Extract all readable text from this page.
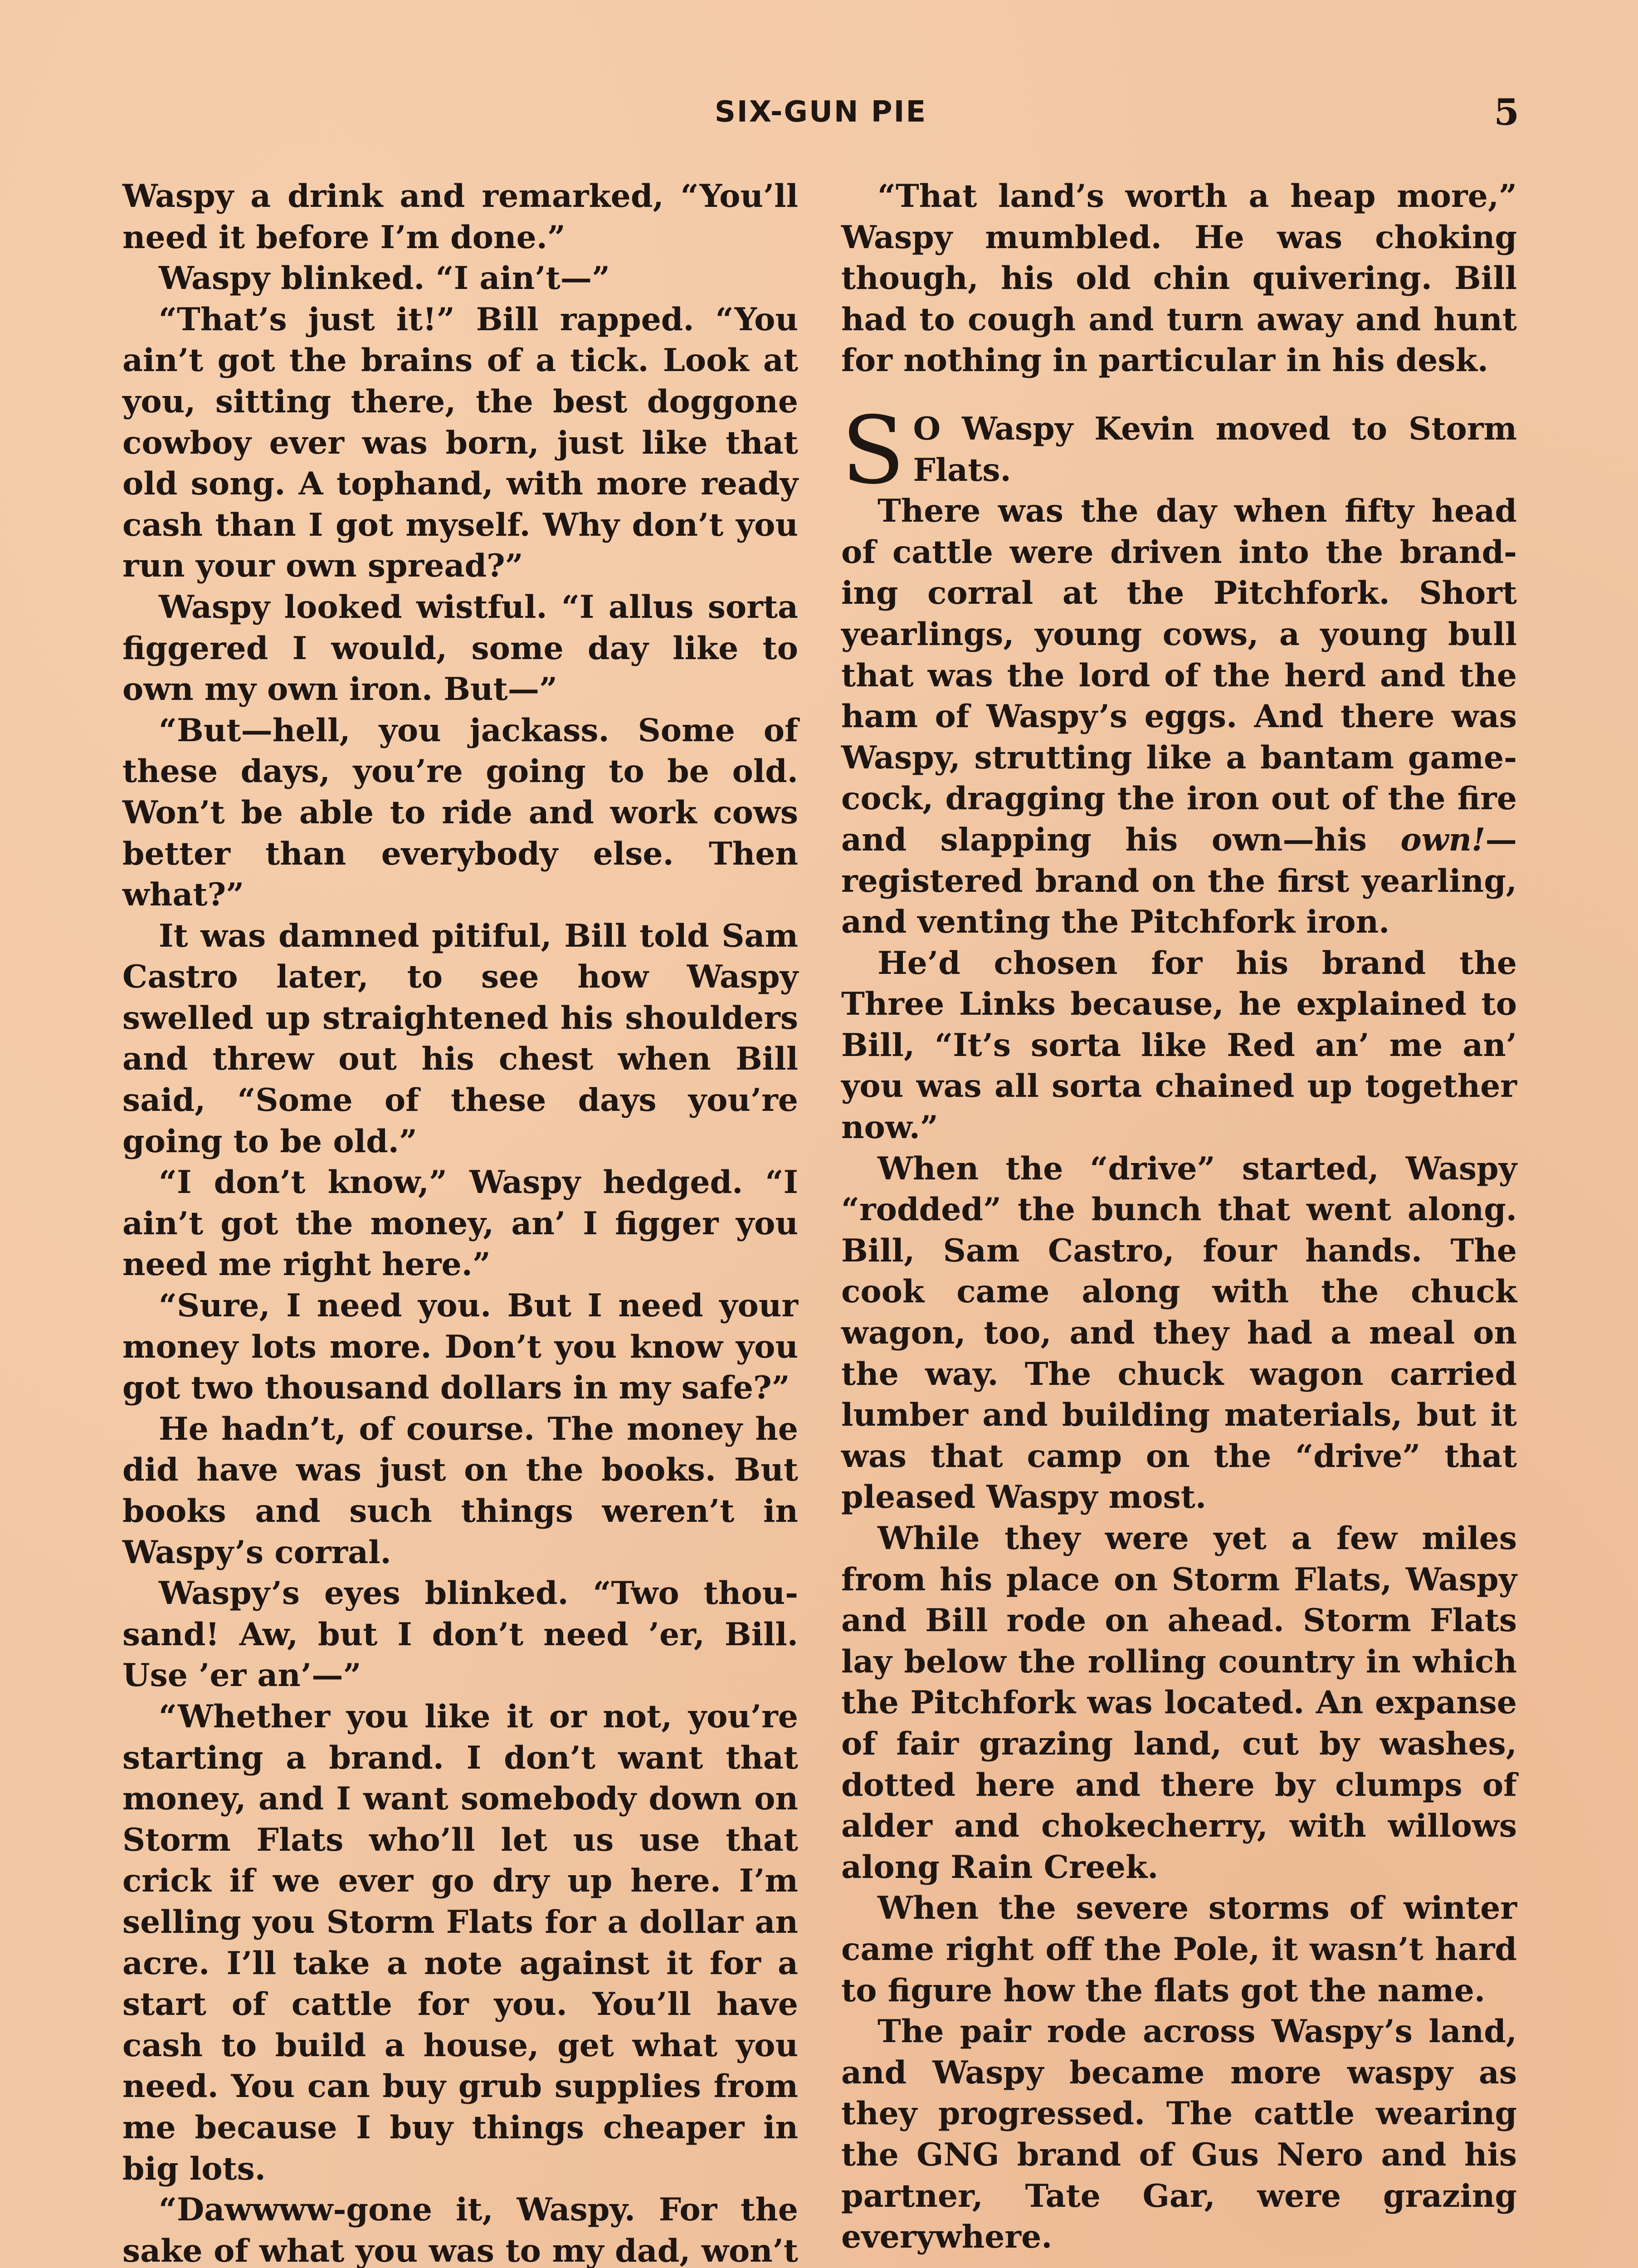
SIX-GUN PIE	5

Waspy a drink and remarked, “You’ll need it before I’m done.”

Waspy blinked. “I ain’t—”

“That’s just it!” Bill rapped. “You ain’t got the brains of a tick. Look at you, sitting there, the best doggone cowboy ever was born, just like that old song. A tophand, with more ready cash than I got myself. Why don’t you run your own spread?”

Waspy looked wistful. “I allus sorta figgered I would, some day like to own my own iron. But—”

“But—hell, you jackass. Some of these days, you’re going to be old. Won’t be able to ride and work cows better than everybody else. Then what?”

It was damned pitiful, Bill told Sam Castro later, to see how Waspy swelled up straightened his shoulders and threw out his chest when Bill said, “Some of these days you’re going to be old.”

“I don’t know,” Waspy hedged. “I ain’t got the money, an’ I figger you need me right here.”

“Sure, I need you. But I need your money lots more. Don’t you know you got two thousand dollars in my safe?”

He hadn’t, of course. The money he did have was just on the books. But books and such things weren’t in Waspy’s corral.

Waspy’s eyes blinked. “Two thousand! Aw, but I don’t need ’er, Bill. Use ’er an’—”

“Whether you like it or not, you’re starting a brand. I don’t want that money, and I want somebody down on Storm Flats who’ll let us use that crick if we ever go dry up here. I’m selling you Storm Flats for a dollar an acre. I’ll take a note against it for a start of cattle for you. You’ll have cash to build a house, get what you need. You can buy grub supplies from me because I buy things cheaper in big lots.

“Dawwww-gone it, Waspy. For the sake of what you was to my dad, won’t

“That land’s worth a heap more,” Waspy mumbled. He was choking though, his old chin quivering. Bill had to cough and turn away and hunt for nothing in particular in his desk.

S O Waspy Kevin moved to Storm Flats.

There was the day when fifty head of cattle were driven into the branding corral at the Pitchfork. Short yearlings, young cows, a young bull that was the lord of the herd and the ham of Waspy’s eggs. And there was Waspy, strutting like a bantam gamecock, dragging the iron out of the fire and slapping his own—his own!— registered brand on the first yearling, and venting the Pitchfork iron.

He’d chosen for his brand the Three Links because, he explained to Bill, “It’s sorta like Red an’ me an’ you was all sorta chained up together now.”

When the “drive” started, Waspy “rodded” the bunch that went along. Bill, Sam Castro, four hands. The cook came along with the chuck wagon, too, and they had a meal on the way. The chuck wagon carried lumber and building materials, but it was that camp on the “drive” that pleased Waspy most.

While they were yet a few miles from his place on Storm Flats, Waspy and Bill rode on ahead. Storm Flats lay below the rolling country in which the Pitchfork was located. An expanse of fair grazing land, cut by washes, dotted here and there by clumps of alder and chokecherry, with willows along Rain Creek.

When the severe storms of winter came right off the Pole, it wasn’t hard to figure how the flats got the name.

The pair rode across Waspy’s land, and Waspy became more waspy as they progressed. The cattle wearing the GNG brand of Gus Nero and his partner, Tate Gar, were grazing everywhere.
